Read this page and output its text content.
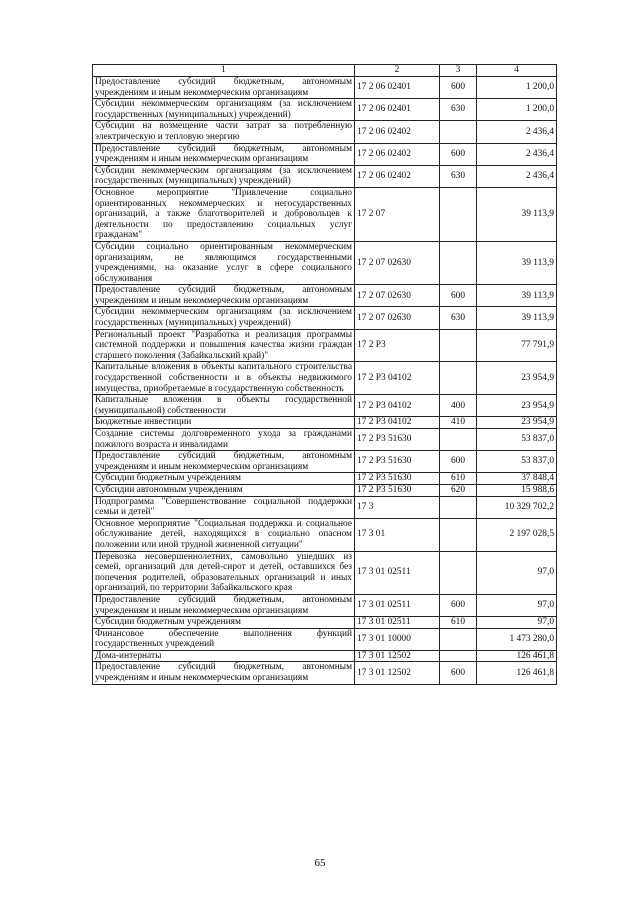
1	2	3	4
Предоставление субсидий бюджетным, автономным учреждениям и иным некоммерческим организациям	17 2 06 02401	600	1 200,0
Субсидии некоммерческим организациям (за исключением государственных (муниципальных) учреждений)	17 2 06 02401	630	1 200,0
Субсидии на возмещение части затрат за потребленную электрическую и тепловую энергию	17 2 06 02402		2 436,4
Предоставление субсидий бюджетным, автономным учреждениям и иным некоммерческим организациям	17 2 06 02402	600	2 436,4
Субсидии некоммерческим организациям (за исключением государственных (муниципальных) учреждений)	17 2 06 02402	630	2 436,4
Основное мероприятие "Привлечение социально ориентированных некоммерческих и негосударственных организаций, а также благотворителей и добровольцев к деятельности по предоставлению социальных услуг гражданам"	17 2 07		39 113,9
Субсидии социально ориентированным некоммерческим организациям, не являющимся государственными учреждениями, на оказание услуг в сфере социального обслуживания	17 2 07 02630		39 113,9
Предоставление субсидий бюджетным, автономным учреждениям и иным некоммерческим организациям	17 2 07 02630	600	39 113,9
Субсидии некоммерческим организациям (за исключением государственных (муниципальных) учреждений)	17 2 07 02630	630	39 113,9
Региональный проект "Разработка и реализация программы системной поддержки и повышения качества жизни граждан старшего поколения (Забайкальский край)"	17 2 P3		77 791,9
Капитальные вложения в объекты капитального строительства государственной собственности и в объекты недвижимого имущества, приобретаемые в государственную собственность	17 2 P3 04102		23 954,9
Капитальные вложения в объекты государственной (муниципальной) собственности	17 2 P3 04102	400	23 954,9
Бюджетные инвестиции	17 2 P3 04102	410	23 954,9
Создание системы долговременного ухода за гражданами пожилого возраста и инвалидами	17 2 P3 51630		53 837,0
Предоставление субсидий бюджетным, автономным учреждениям и иным некоммерческим организациям	17 2 P3 51630	600	53 837,0
Субсидии бюджетным учреждениям	17 2 P3 51630	610	37 848,4
Субсидии автономным учреждениям	17 2 P3 51630	620	15 988,6
Подпрограмма "Совершенствование социальной поддержки семьи и детей"	17 3		10 329 702,2
Основное мероприятие "Социальная поддержка и социальное обслуживание детей, находящихся в социально опасном положении или иной трудной жизненной ситуации"	17 3 01		2 197 028,5
Перевозка несовершеннолетних, самовольно ушедших из семей, организаций для детей-сирот и детей, оставшихся без попечения родителей, образовательных организаций и иных организаций, по территории Забайкальского края	17 3 01 02511		97,0
Предоставление субсидий бюджетным, автономным учреждениям и иным некоммерческим организациям	17 3 01 02511	600	97,0
Субсидии бюджетным учреждениям	17 3 01 02511	610	97,0
Финансовое обеспечение выполнения функций государственных учреждений	17 3 01 10000		1 473 280,0
Дома-интернаты	17 3 01 12502		126 461,8
Предоставление субсидий бюджетным, автономным учреждениям и иным некоммерческим организациям	17 3 01 12502	600	126 461,8
65
